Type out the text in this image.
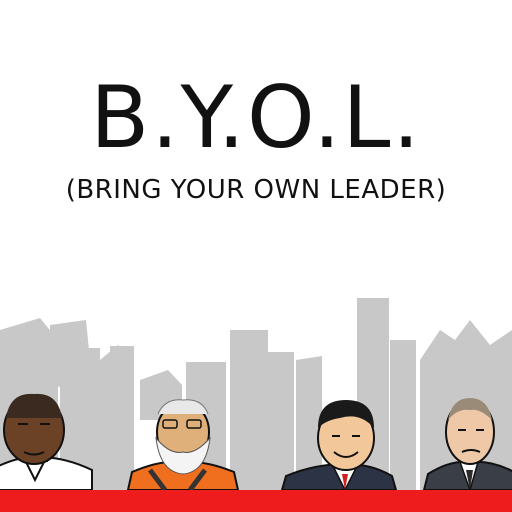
B.Y.O.L.
(BRING YOUR OWN LEADER)
